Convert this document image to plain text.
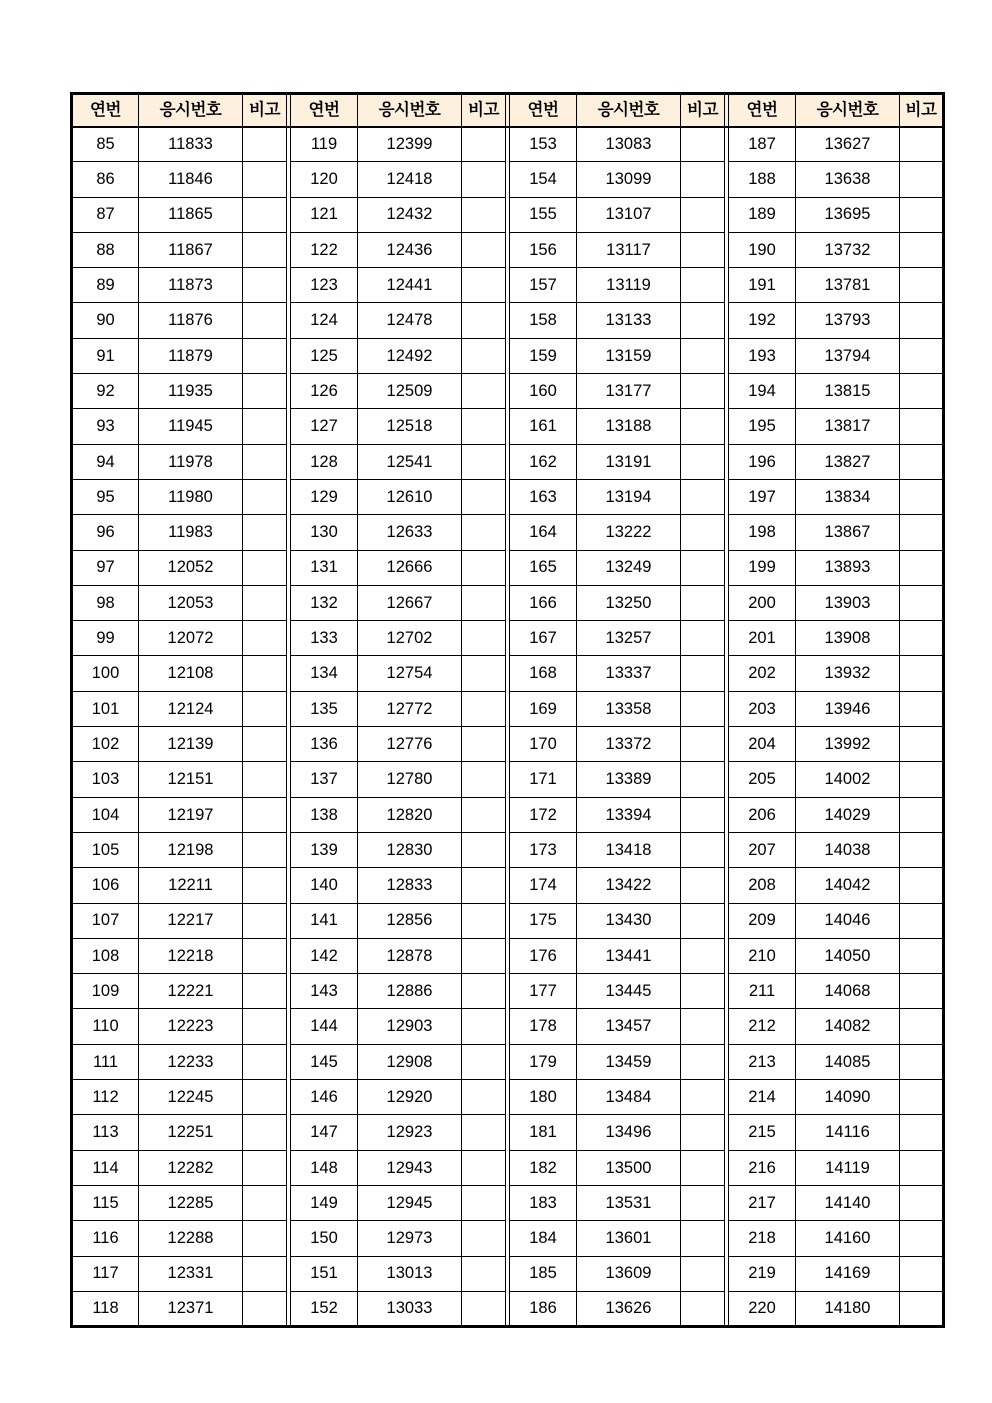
연번	응시번호	비고		연번	응시번호	비고		연번	응시번호	비고		연번	응시번호	비고
85	11833			119	12399			153	13083			187	13627	
86	11846			120	12418			154	13099			188	13638	
87	11865			121	12432			155	13107			189	13695	
88	11867			122	12436			156	13117			190	13732	
89	11873			123	12441			157	13119			191	13781	
90	11876			124	12478			158	13133			192	13793	
91	11879			125	12492			159	13159			193	13794	
92	11935			126	12509			160	13177			194	13815	
93	11945			127	12518			161	13188			195	13817	
94	11978			128	12541			162	13191			196	13827	
95	11980			129	12610			163	13194			197	13834	
96	11983			130	12633			164	13222			198	13867	
97	12052			131	12666			165	13249			199	13893	
98	12053			132	12667			166	13250			200	13903	
99	12072			133	12702			167	13257			201	13908	
100	12108			134	12754			168	13337			202	13932	
101	12124			135	12772			169	13358			203	13946	
102	12139			136	12776			170	13372			204	13992	
103	12151			137	12780			171	13389			205	14002	
104	12197			138	12820			172	13394			206	14029	
105	12198			139	12830			173	13418			207	14038	
106	12211			140	12833			174	13422			208	14042	
107	12217			141	12856			175	13430			209	14046	
108	12218			142	12878			176	13441			210	14050	
109	12221			143	12886			177	13445			211	14068	
110	12223			144	12903			178	13457			212	14082	
111	12233			145	12908			179	13459			213	14085	
112	12245			146	12920			180	13484			214	14090	
113	12251			147	12923			181	13496			215	14116	
114	12282			148	12943			182	13500			216	14119	
115	12285			149	12945			183	13531			217	14140	
116	12288			150	12973			184	13601			218	14160	
117	12331			151	13013			185	13609			219	14169	
118	12371			152	13033			186	13626			220	14180	
